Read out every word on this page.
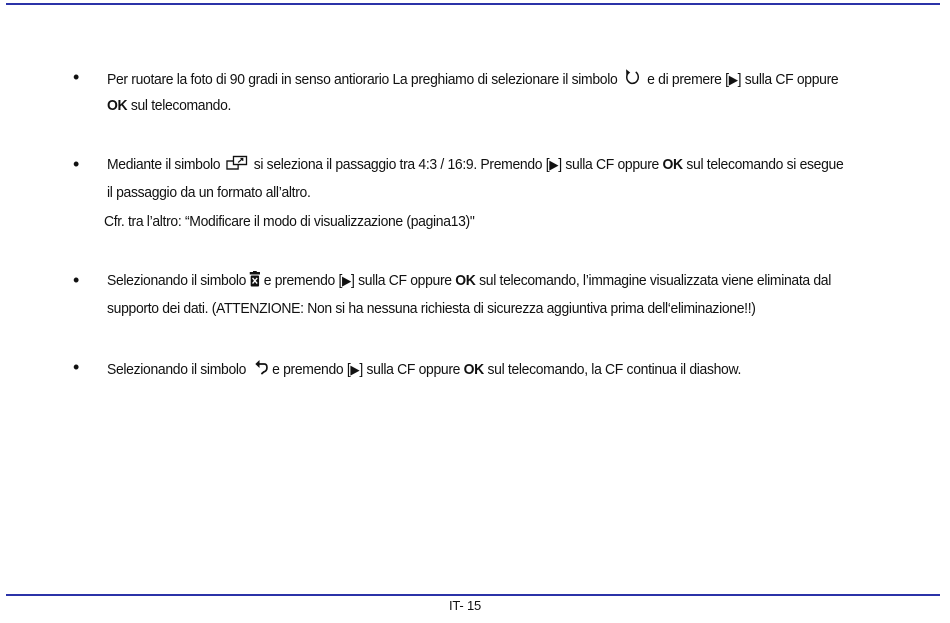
• Per ruotare la foto di 90 gradi in senso antiorario La preghiamo di selezionare il simbolo e di premere [▶] sulla CF oppure
OK sul telecomando.
• Mediante il simbolo si seleziona il passaggio tra 4:3 / 16:9. Premendo [▶] sulla CF oppure OK sul telecomando si esegue
il passaggio da un formato all’altro.
Cfr. tra l’altro: “Modificare il modo di visualizzazione (pagina13)"
• Selezionando il simbolo e premendo [▶] sulla CF oppure OK sul telecomando, l’immagine visualizzata viene eliminata dal
supporto dei dati. (ATTENZIONE: Non si ha nessuna richiesta di sicurezza aggiuntiva prima dell‘eliminazione!!)
• Selezionando il simbolo e premendo [▶] sulla CF oppure OK sul telecomando, la CF continua il diashow.
IT- 15
